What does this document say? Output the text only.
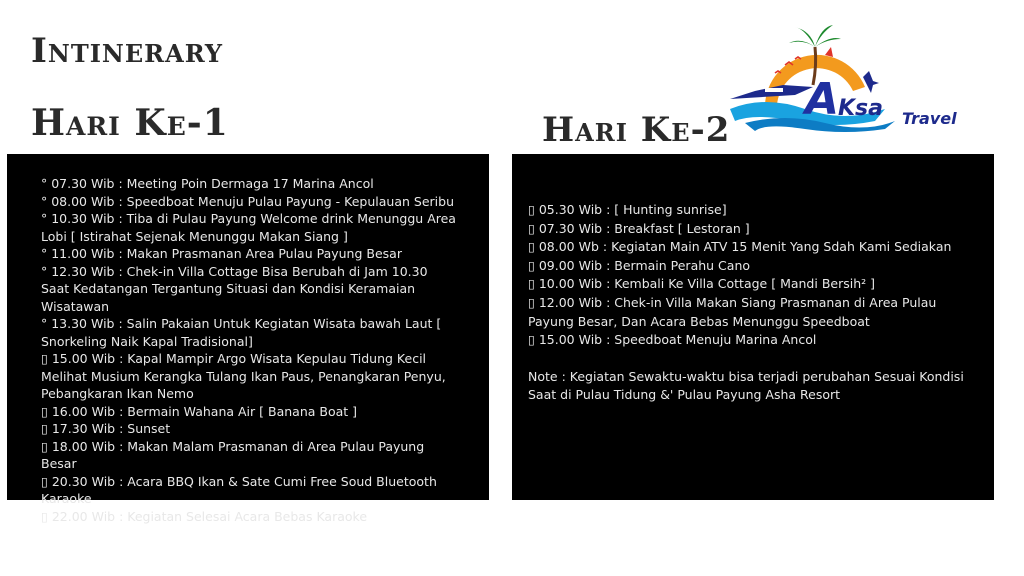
Intinerary
Hari Ke-1	Hari Ke-2
A
Ksa Travel

° 07.30 Wib : Meeting Poin Dermaga 17 Marina Ancol

° 08.00 Wib : Speedboat Menuju Pulau Payung - Kepulauan Seribu

° 10.30 Wib : Tiba di Pulau Payung Welcome drink Menunggu Area Lobi [ Istirahat Sejenak Menunggu Makan Siang ]

° 11.00 Wib : Makan Prasmanan Area Pulau Payung Besar

° 12.30 Wib : Chek-in Villa Cottage Bisa Berubah di Jam 10.30 Saat Kedatangan Tergantung Situasi dan Kondisi Keramaian Wisatawan

° 13.30 Wib : Salin Pakaian Untuk Kegiatan Wisata bawah Laut [ Snorkeling Naik Kapal Tradisional]

▯ 15.00 Wib : Kapal Mampir Argo Wisata Kepulau Tidung Kecil Melihat Musium Kerangka Tulang Ikan Paus, Penangkaran Penyu, Pebangkaran Ikan Nemo

▯ 16.00 Wib : Bermain Wahana Air [ Banana Boat ]

▯ 17.30 Wib : Sunset

▯ 18.00 Wib : Makan Malam Prasmanan di Area Pulau Payung Besar

▯ 20.30 Wib : Acara BBQ Ikan & Sate Cumi Free Soud Bluetooth Karaoke

▯ 22.00 Wib : Kegiatan Selesai Acara Bebas Karaoke

▯ 05.30 Wib : [ Hunting sunrise]

▯ 07.30 Wib : Breakfast [ Lestoran ]

▯ 08.00 Wb : Kegiatan Main ATV 15 Menit Yang Sdah Kami Sediakan

▯ 09.00 Wib : Bermain Perahu Cano

▯ 10.00 Wib : Kembali Ke Villa Cottage [ Mandi Bersih² ]

▯ 12.00 Wib : Chek-in Villa Makan Siang Prasmanan di Area Pulau Payung Besar, Dan Acara Bebas Menunggu Speedboat

▯ 15.00 Wib : Speedboat Menuju Marina Ancol

Note : Kegiatan Sewaktu-waktu bisa terjadi perubahan Sesuai Kondisi Saat di Pulau Tidung &' Pulau Payung Asha Resort
